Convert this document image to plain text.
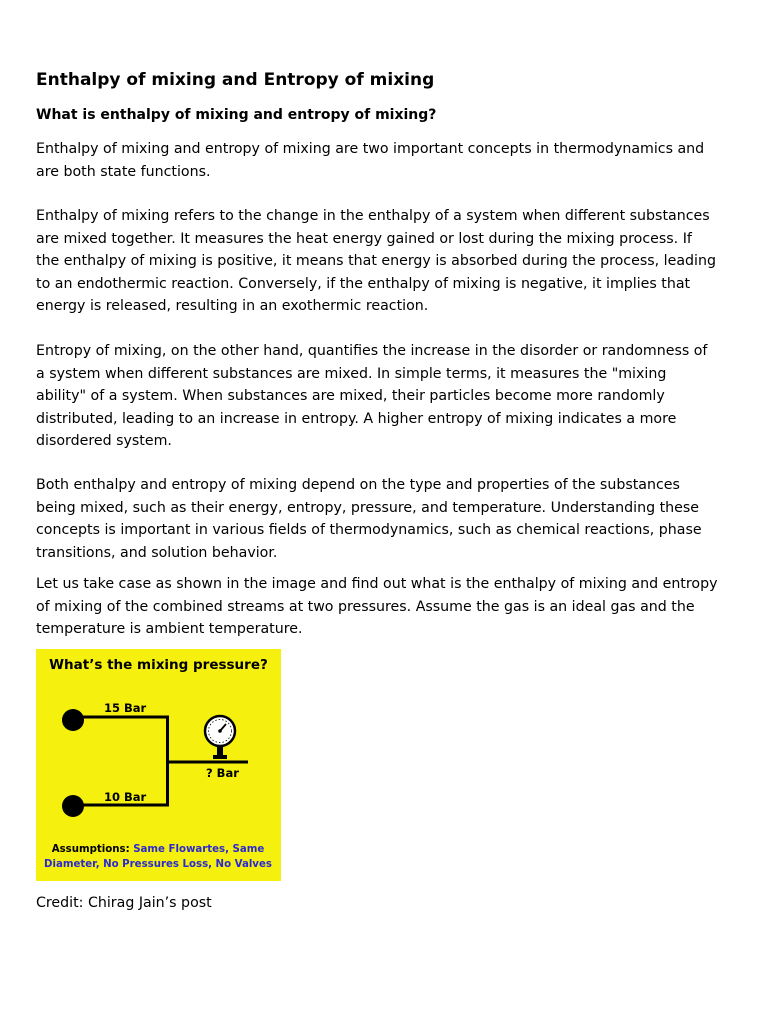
Enthalpy of mixing and Entropy of mixing
What is enthalpy of mixing and entropy of mixing?

Enthalpy of mixing and entropy of mixing are two important concepts in thermodynamics and
are both state functions.

Enthalpy of mixing refers to the change in the enthalpy of a system when different substances
are mixed together. It measures the heat energy gained or lost during the mixing process. If
the enthalpy of mixing is positive, it means that energy is absorbed during the process, leading
to an endothermic reaction. Conversely, if the enthalpy of mixing is negative, it implies that
energy is released, resulting in an exothermic reaction.

Entropy of mixing, on the other hand, quantifies the increase in the disorder or randomness of
a system when different substances are mixed. In simple terms, it measures the "mixing
ability" of a system. When substances are mixed, their particles become more randomly
distributed, leading to an increase in entropy. A higher entropy of mixing indicates a more
disordered system.

Both enthalpy and entropy of mixing depend on the type and properties of the substances
being mixed, such as their energy, entropy, pressure, and temperature. Understanding these
concepts is important in various fields of thermodynamics, such as chemical reactions, phase
transitions, and solution behavior.

Let us take case as shown in the image and find out what is the enthalpy of mixing and entropy
of mixing of the combined streams at two pressures. Assume the gas is an ideal gas and the
temperature is ambient temperature.

What’s the mixing pressure?
15 Bar
10 Bar
? Bar
Assumptions: Same Flowartes, Same
Diameter, No Pressures Loss, No Valves
Credit: Chirag Jain’s post
